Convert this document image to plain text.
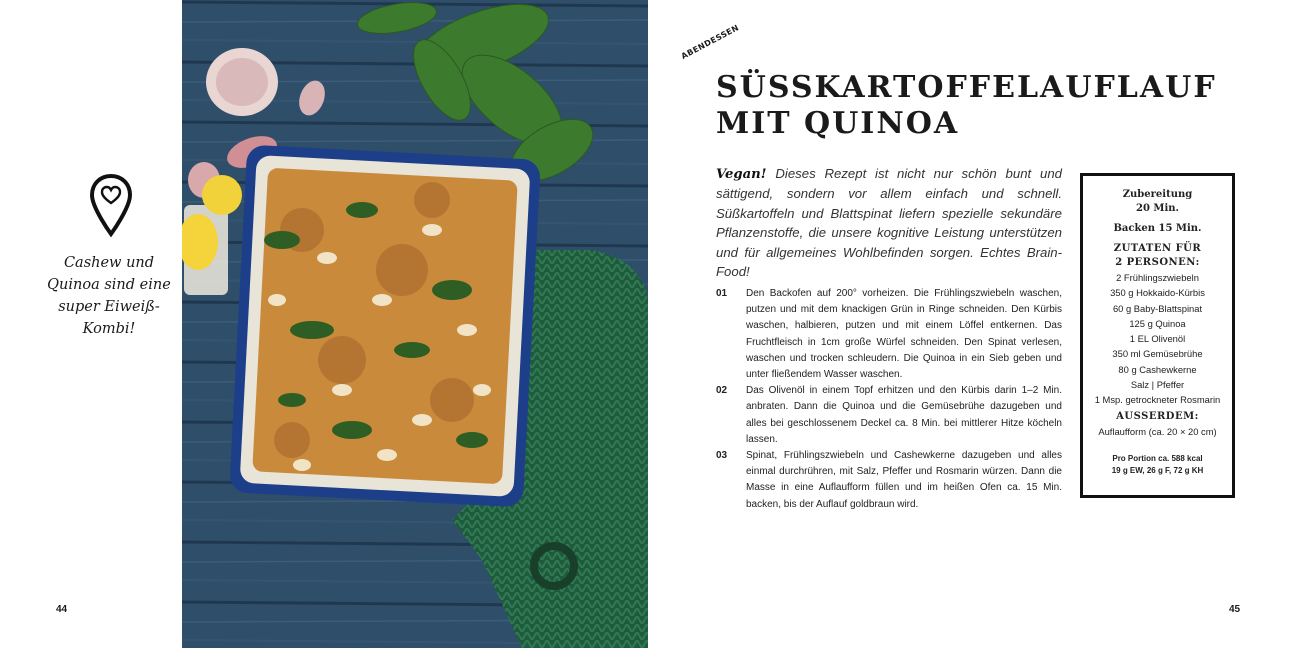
Cashew und
Quinoa sind eine
super Eiweiß-
Kombi!
44
ABENDESSEN
SÜSSKARTOFFELAUFLAUF
MIT QUINOA

Vegan! Dieses Rezept ist nicht nur schön bunt und sättigend, sondern vor allem einfach und schnell. Süßkartoffeln und Blattspinat liefern spezielle sekundäre Pflanzenstoffe, die unsere kognitive Leistung unterstützen und für allgemeines Wohlbefinden sorgen. Echtes Brain-Food!

01	Den Backofen auf 200° vorheizen. Die Frühlingszwiebeln waschen, putzen und mit dem knackigen Grün in Ringe schneiden. Den Kürbis waschen, halbieren, putzen und mit einem Löffel entkernen. Das Fruchtfleisch in 1cm große Würfel schneiden. Den Spinat verlesen, waschen und trocken schleudern. Die Quinoa in ein Sieb geben und unter fließendem Wasser waschen.
02	Das Olivenöl in einem Topf erhitzen und den Kürbis darin 1–2 Min. anbraten. Dann die Quinoa und die Gemüsebrühe dazugeben und alles bei geschlossenem Deckel ca. 8 Min. bei mittlerer Hitze köcheln lassen.
03	Spinat, Frühlingszwiebeln und Cashewkerne dazugeben und alles einmal durchrühren, mit Salz, Pfeffer und Rosmarin würzen. Dann die Masse in eine Auflaufform füllen und im heißen Ofen ca. 15 Min. backen, bis der Auflauf goldbraun wird.
Zubereitung
20 Min.
Backen 15 Min.
ZUTATEN FÜR
2 PERSONEN:
2 Frühlingszwiebeln
350 g Hokkaido-Kürbis
60 g Baby-Blattspinat
125 g Quinoa
1 EL Olivenöl
350 ml Gemüsebrühe
80 g Cashewkerne
Salz | Pfeffer
1 Msp. getrockneter Rosmarin
AUSSERDEM:
Auflaufform (ca. 20 × 20 cm)
Pro Portion ca. 588 kcal
19 g EW, 26 g F, 72 g KH
45
